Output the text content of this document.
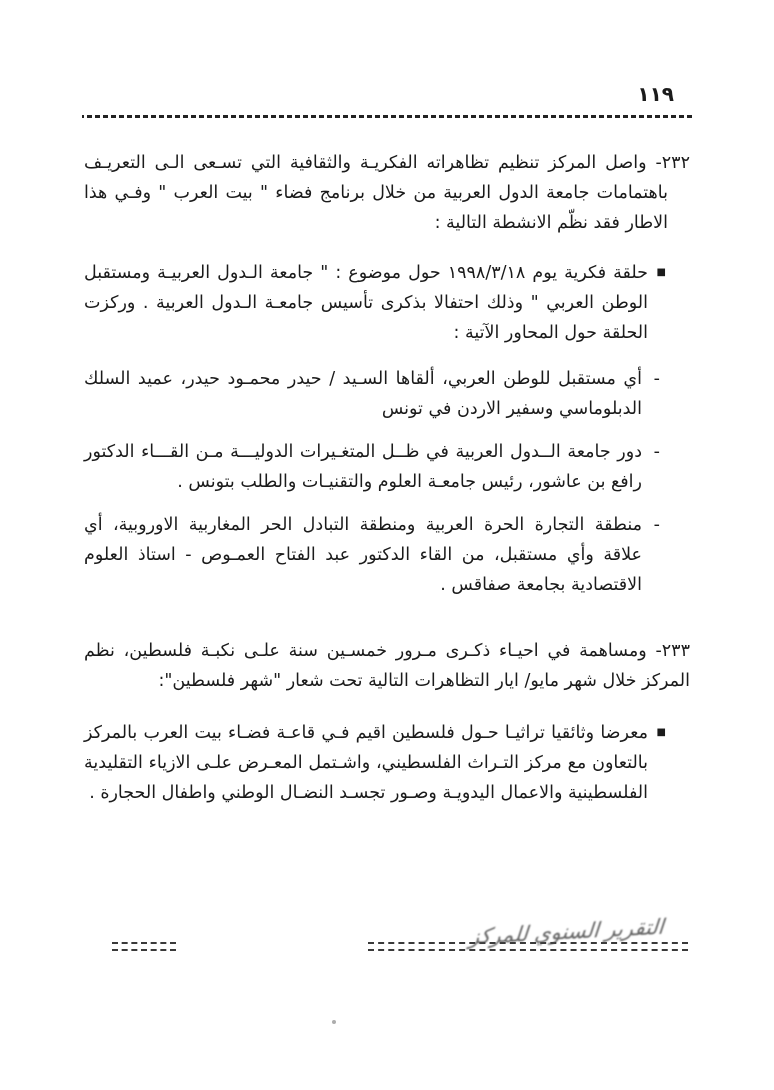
١١٩
٢٣٢- واصل المركز تنظيم تظاهراته الفكريـة والثقافية التي تسـعى الـى التعريـف باهتمامات جامعة الدول العربية من خلال برنامج فضاء " بيت العرب " وفـي هذا الاطار فقد نظّم الانشطة التالية :
■
حلقة فكرية يوم ١٩٩٨/٣/١٨ حول موضوع : " جامعة الـدول العربيـة ومستقبل الوطن العربي " وذلك احتفالا بذكرى تأسيس جامعـة الـدول العربية . وركزت الحلقة حول المحاور الآتية :
-
أي مستقبل للوطن العربي، ألقاها السـيد / حيدر محمـود حيدر، عميد السلك الدبلوماسي وسفير الاردن في تونس
-
دور جامعة الــدول العربية في ظــل المتغـيرات الدوليـــة مـن القـــاء الدكتور رافع بن عاشور، رئيس جامعـة العلوم والتقنيـات والطلب بتونس .
-
منطقة التجارة الحرة العربية ومنطقة التبادل الحر المغاربية الاوروبية، أي علاقة وأي مستقبل، من القاء الدكتور عبد الفتاح العمـوص - استاذ العلوم الاقتصادية بجامعة صفاقس .
٢٣٣- ومساهمة في احيـاء ذكـرى مـرور خمسـين سنة علـى نكبـة فلسطين، نظم المركز خلال شهر مايو/ ايار التظاهرات التالية تحت شعار "شهر فلسطين":
■
معرضا وثائقيا تراثيـا حـول فلسطين اقيم فـي قاعـة فضـاء بيت العرب بالمركز بالتعاون مع مركز التـراث الفلسطيني، واشـتمل المعـرض علـى الازياء التقليدية الفلسطينية والاعمال اليدويـة وصـور تجسـد النضـال الوطني واطفال الحجارة .
التقرير السنوي للمركز
